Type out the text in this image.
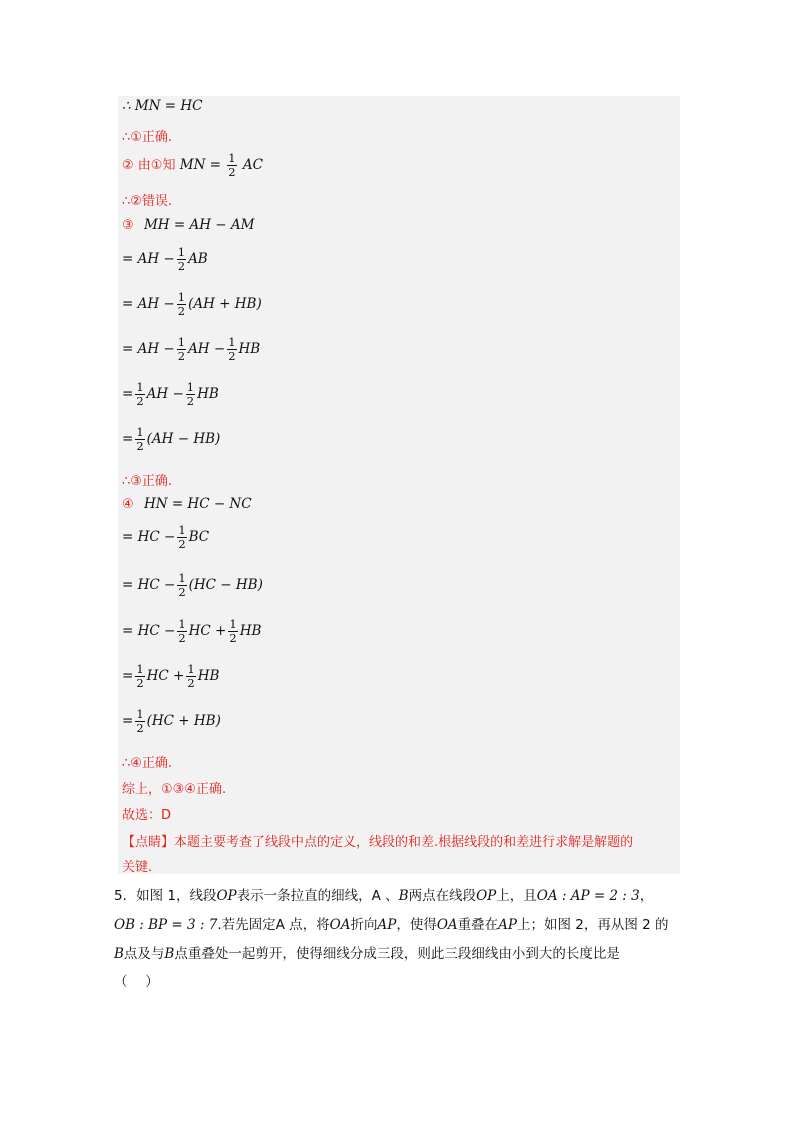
∴ MN = HC
∴①正确.
② 由①知 MN = $\frac{1}{2}$ AC
∴②错误.
③ MH = AH − AM
= AH − $\frac{1}{2}$ AB
= AH − $\frac{1}{2} (AH + HB)$
= AH − $\frac{1}{2}$ AH − $\frac{1}{2}$ HB
= $\frac{1}{2}$ AH − $\frac{1}{2}$ HB
= $\frac{1}{2} (AH - HB)$
∴③正确.
④ HN = HC − NC
= HC − $\frac{1}{2}$ BC
= HC − $\frac{1}{2} (HC - HB)$
= HC − $\frac{1}{2}$ HC + $\frac{1}{2}$ HB
= $\frac{1}{2}$ HC + $\frac{1}{2}$ HB
= $\frac{1}{2} (HC + HB)$
∴④正确.
综上，①③④正确.
故选：D
【点睛】本题主要考查了线段中点的定义，线段的和差.根据线段的和差进行求解是解题的
关键.
5．如图 1，线段OP表示一条拉直的细线，A 、B两点在线段OP上，且OA : AP = 2 : 3，
OB : BP = 3 : 7.若先固定A 点，将OA折向AP，使得OA重叠在AP上；如图 2，再从图 2 的
B点及与B点重叠处一起剪开，使得细线分成三段，则此三段细线由小到大的长度比是
（　 ）
